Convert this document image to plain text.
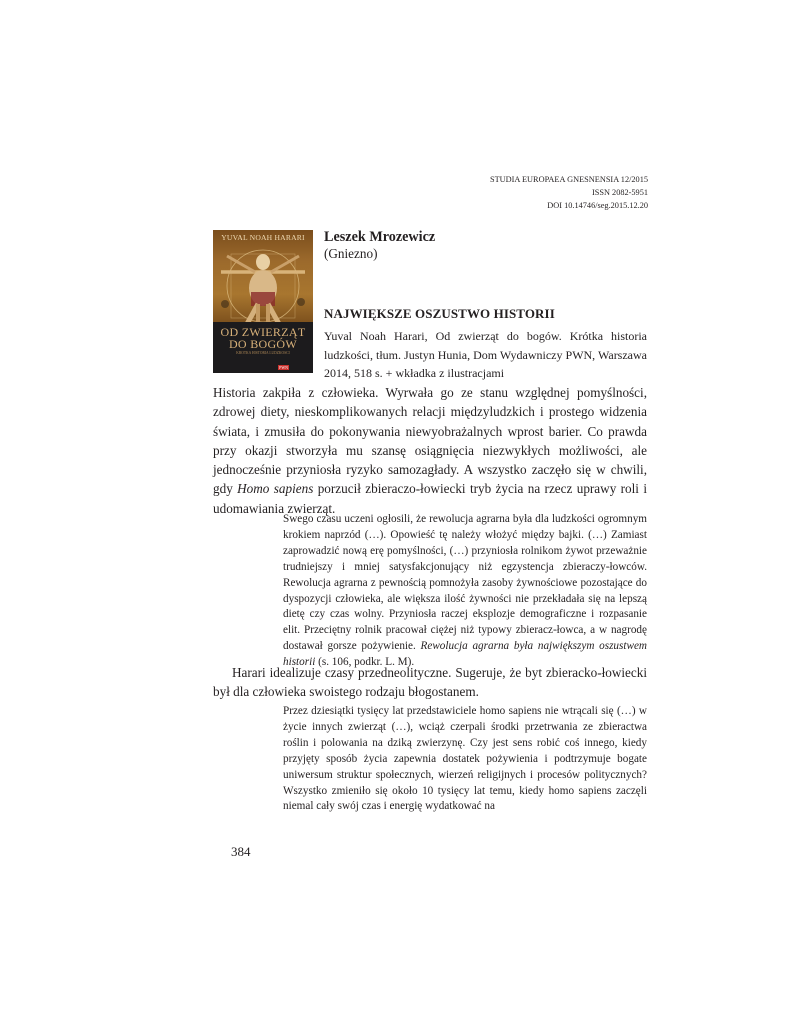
STUDIA EUROPAEA GNESNENSIA 12/2015
ISSN 2082-5951
DOI 10.14746/seg.2015.12.20
YUVAL NOAH HARARI
OD ZWIERZĄT
DO BOGÓW
KRÓTKA HISTORIA LUDZKOŚCI
PWN
Leszek Mrozewicz
(Gniezno)
NAJWIĘKSZE OSZUSTWO HISTORII
Yuval Noah Harari, Od zwierząt do bogów. Krótka historia ludzkości, tłum. Justyn Hunia, Dom Wydawniczy PWN, Warszawa 2014, 518 s. + wkładka z ilustracjami
Historia zakpiła z człowieka. Wyrwała go ze stanu względnej pomyślności, zdrowej diety, nieskomplikowanych relacji międzyludzkich i prostego widzenia świata, i zmusiła do pokonywania niewyobrażalnych wprost barier. Co prawda przy okazji stworzyła mu szansę osiągnięcia niezwykłych możliwości, ale jednocześnie przyniosła ryzyko samozagłady. A wszystko zaczęło się w chwili, gdy Homo sapiens porzucił zbieraczo-łowiecki tryb życia na rzecz uprawy roli i udomawiania zwierząt.
Swego czasu uczeni ogłosili, że rewolucja agrarna była dla ludzkości ogromnym krokiem naprzód (…). Opowieść tę należy włożyć między bajki. (…) Zamiast zaprowadzić nową erę pomyślności, (…) przyniosła rolnikom żywot przeważnie trudniejszy i mniej satysfakcjonujący niż egzystencja zbieraczy-łowców. Rewolucja agrarna z pewnością pomnożyła zasoby żywnościowe pozostające do dyspozycji człowieka, ale większa ilość żywności nie przekładała się na lepszą dietę czy czas wolny. Przyniosła raczej eksplozje demograficzne i rozpasanie elit. Przeciętny rolnik pracował ciężej niż typowy zbieracz-łowca, a w nagrodę dostawał gorsze pożywienie. Rewolucja agrarna była największym oszustwem historii (s. 106, podkr. L. M).
Harari idealizuje czasy przedneolityczne. Sugeruje, że byt zbieracko-łowiecki był dla człowieka swoistego rodzaju błogostanem.
Przez dziesiątki tysięcy lat przedstawiciele homo sapiens nie wtrącali się (…) w życie innych zwierząt (…), wciąż czerpali środki przetrwania ze zbieractwa roślin i polowania na dziką zwierzynę. Czy jest sens robić coś innego, kiedy przyjęty sposób życia zapewnia dostatek pożywienia i podtrzymuje bogate uniwersum struktur społecznych, wierzeń religijnych i procesów politycznych? Wszystko zmieniło się około 10 tysięcy lat temu, kiedy homo sapiens zaczęli niemal cały swój czas i energię wydatkować na
384
